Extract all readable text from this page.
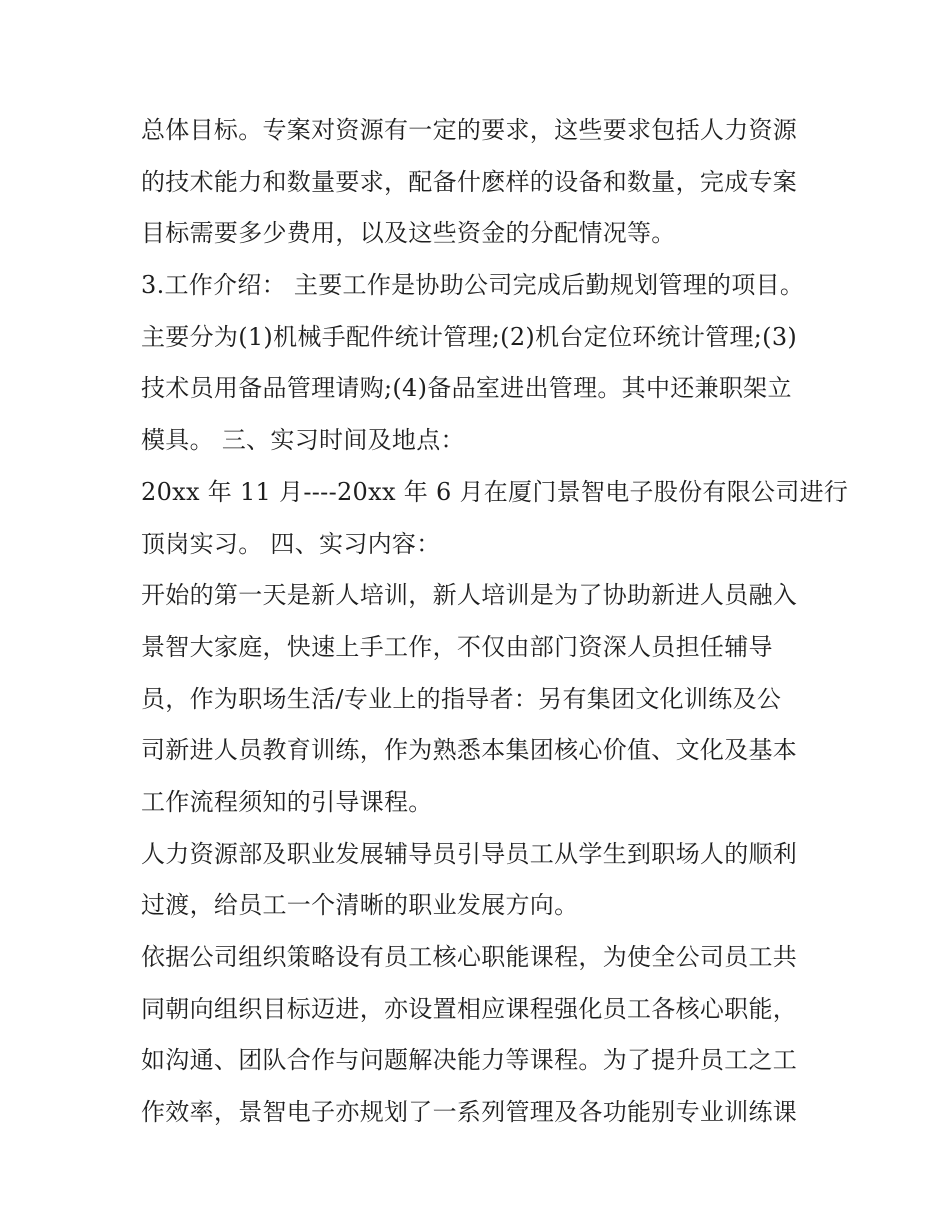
总体目标。专案对资源有一定的要求，这些要求包括人力资源
的技术能力和数量要求，配备什麽样的设备和数量，完成专案
目标需要多少费用，以及这些资金的分配情况等。
3.工作介绍： 主要工作是协助公司完成后勤规划管理的项目。
主要分为(1)机械手配件统计管理;(2)机台定位环统计管理;(3)
技术员用备品管理请购;(4)备品室进出管理。其中还兼职架立
模具。 三、实习时间及地点：
20xx 年 11 月----20xx 年 6 月在厦门景智电子股份有限公司进行
顶岗实习。 四、实习内容：
开始的第一天是新人培训，新人培训是为了协助新进人员融入
景智大家庭，快速上手工作，不仅由部门资深人员担任辅导
员，作为职场生活/专业上的指导者：另有集团文化训练及公
司新进人员教育训练，作为熟悉本集团核心价值、文化及基本
工作流程须知的引导课程。
人力资源部及职业发展辅导员引导员工从学生到职场人的顺利
过渡，给员工一个清晰的职业发展方向。
依据公司组织策略设有员工核心职能课程，为使全公司员工共
同朝向组织目标迈进，亦设置相应课程强化员工各核心职能，
如沟通、团队合作与问题解决能力等课程。为了提升员工之工
作效率，景智电子亦规划了一系列管理及各功能别专业训练课
